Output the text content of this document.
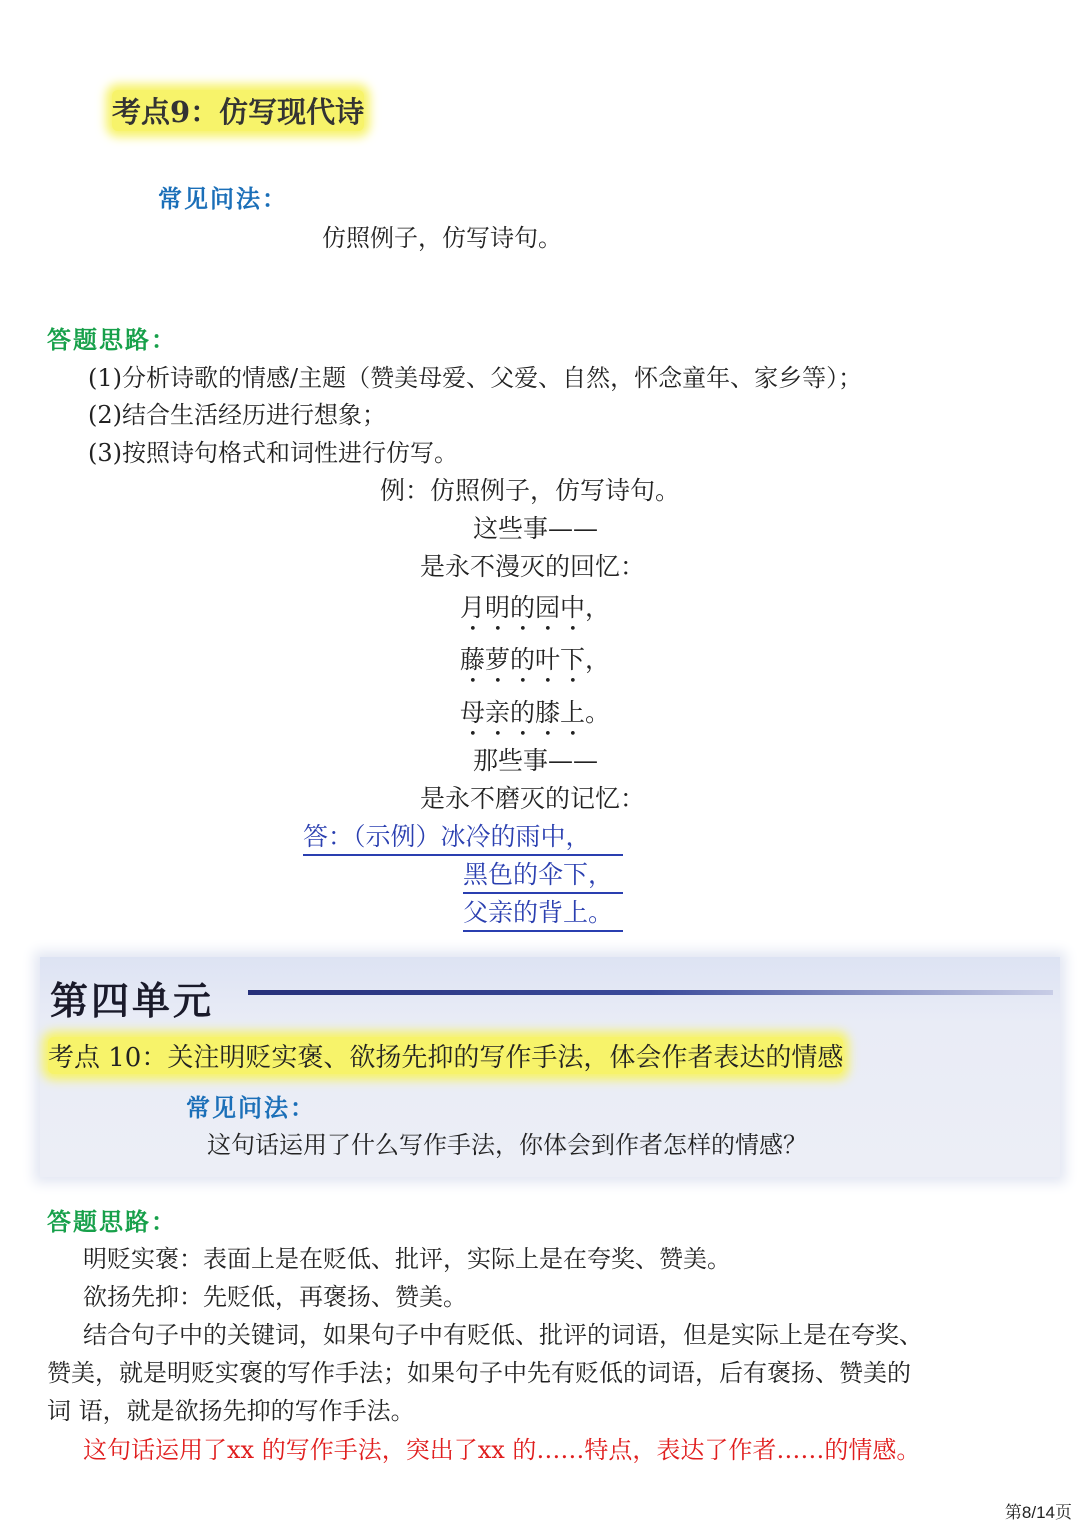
考点9：仿写现代诗
常见问法：
仿照例子，仿写诗句。
答题思路：
(1)分析诗歌的情感/主题（赞美母爱、父爱、自然，怀念童年、家乡等）；
(2)结合生活经历进行想象；
(3)按照诗句格式和词性进行仿写。
例：仿照例子，仿写诗句。
这些事——
是永不漫灭的回忆：
月明的园中，
藤萝的叶下，
母亲的膝上。
那些事——
是永不磨灭的记忆：
答：（示例）冰冷的雨中，
黑色的伞下，
父亲的背上。
第四单元
考点 10：关注明贬实褒、欲扬先抑的写作手法，体会作者表达的情感
常见问法：
这句话运用了什么写作手法，你体会到作者怎样的情感？
答题思路：
明贬实褒：表面上是在贬低、批评，实际上是在夸奖、赞美。
欲扬先抑：先贬低，再褒扬、赞美。
结合句子中的关键词，如果句子中有贬低、批评的词语，但是实际上是在夸奖、
赞美，就是明贬实褒的写作手法；如果句子中先有贬低的词语，后有褒扬、赞美的
词 语，就是欲扬先抑的写作手法。
这句话运用了xx 的写作手法，突出了xx 的……特点，表达了作者……的情感。
第8/14页
